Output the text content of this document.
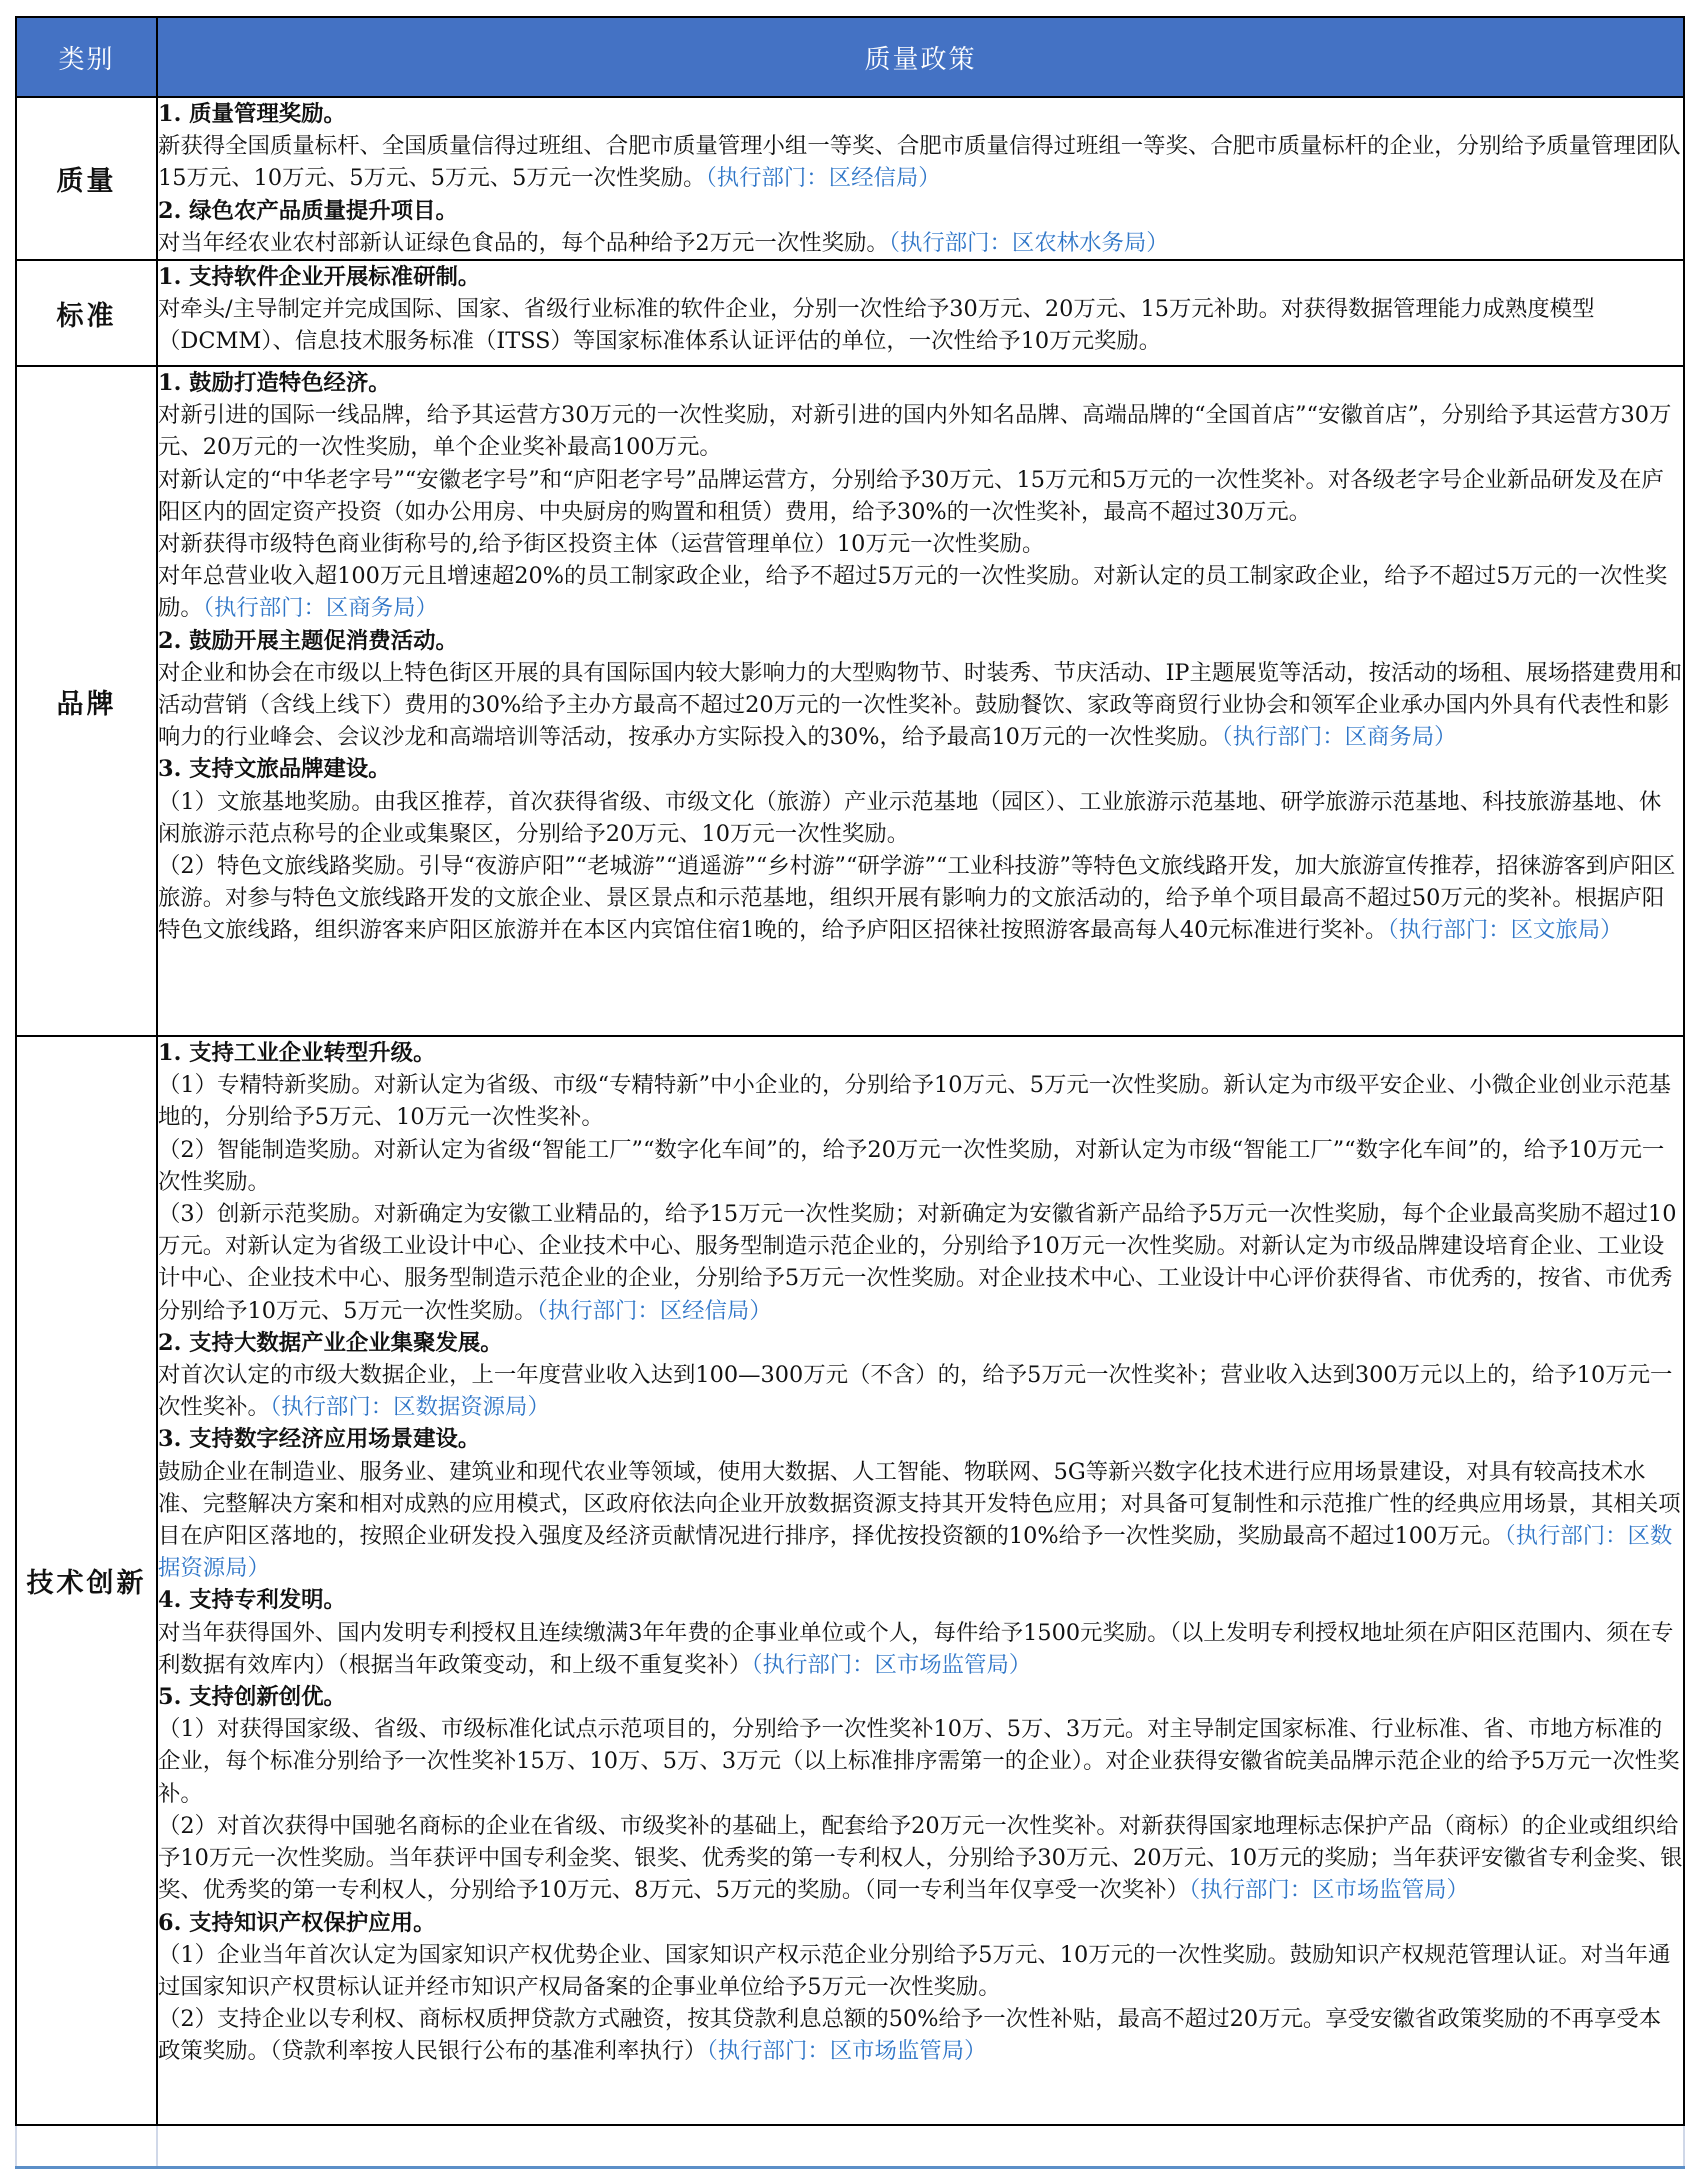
类别	质量政策
质量	1. 质量管理奖励。
新获得全国质量标杆、全国质量信得过班组、合肥市质量管理小组一等奖、合肥市质量信得过班组一等奖、合肥市质量标杆的企业，分别给予质量管理团队15万元、10万元、5万元、5万元、5万元一次性奖励。（执行部门：区经信局）
2. 绿色农产品质量提升项目。
对当年经农业农村部新认证绿色食品的，每个品种给予2万元一次性奖励。（执行部门：区农林水务局）

标准	1. 支持软件企业开展标准研制。
对牵头/主导制定并完成国际、国家、省级行业标准的软件企业，分别一次性给予30万元、20万元、15万元补助。对获得数据管理能力成熟度模型（DCMM）、信息技术服务标准（ITSS）等国家标准体系认证评估的单位，一次性给予10万元奖励。

品牌	
1. 鼓励打造特色经济。
对新引进的国际一线品牌，给予其运营方30万元的一次性奖励，对新引进的国内外知名品牌、高端品牌的“全国首店”“安徽首店”，分别给予其运营方30万元、20万元的一次性奖励，单个企业奖补最高100万元。
对新认定的“中华老字号”“安徽老字号”和“庐阳老字号”品牌运营方，分别给予30万元、15万元和5万元的一次性奖补。对各级老字号企业新品研发及在庐阳区内的固定资产投资（如办公用房、中央厨房的购置和租赁）费用，给予30%的一次性奖补，最高不超过30万元。
对新获得市级特色商业街称号的,给予街区投资主体（运营管理单位）10万元一次性奖励。
对年总营业收入超100万元且增速超20%的员工制家政企业，给予不超过5万元的一次性奖励。对新认定的员工制家政企业，给予不超过5万元的一次性奖励。（执行部门：区商务局）
2. 鼓励开展主题促消费活动。
对企业和协会在市级以上特色街区开展的具有国际国内较大影响力的大型购物节、时装秀、节庆活动、IP主题展览等活动，按活动的场租、展场搭建费用和活动营销（含线上线下）费用的30%给予主办方最高不超过20万元的一次性奖补。鼓励餐饮、家政等商贸行业协会和领军企业承办国内外具有代表性和影响力的行业峰会、会议沙龙和高端培训等活动，按承办方实际投入的30%，给予最高10万元的一次性奖励。（执行部门：区商务局）
3. 支持文旅品牌建设。
（1）文旅基地奖励。由我区推荐，首次获得省级、市级文化（旅游）产业示范基地（园区）、工业旅游示范基地、研学旅游示范基地、科技旅游基地、休闲旅游示范点称号的企业或集聚区，分别给予20万元、10万元一次性奖励。
（2）特色文旅线路奖励。引导“夜游庐阳”“老城游”“逍遥游”“乡村游”“研学游”“工业科技游”等特色文旅线路开发，加大旅游宣传推荐，招徕游客到庐阳区旅游。对参与特色文旅线路开发的文旅企业、景区景点和示范基地，组织开展有影响力的文旅活动的，给予单个项目最高不超过50万元的奖补。根据庐阳特色文旅线路，组织游客来庐阳区旅游并在本区内宾馆住宿1晚的，给予庐阳区招徕社按照游客最高每人40元标准进行奖补。（执行部门：区文旅局）

技术创新	
1. 支持工业企业转型升级。
（1）专精特新奖励。对新认定为省级、市级“专精特新”中小企业的，分别给予10万元、5万元一次性奖励。新认定为市级平安企业、小微企业创业示范基地的，分别给予5万元、10万元一次性奖补。
（2）智能制造奖励。对新认定为省级“智能工厂”“数字化车间”的，给予20万元一次性奖励，对新认定为市级“智能工厂”“数字化车间”的，给予10万元一次性奖励。
（3）创新示范奖励。对新确定为安徽工业精品的，给予15万元一次性奖励；对新确定为安徽省新产品给予5万元一次性奖励，每个企业最高奖励不超过10万元。对新认定为省级工业设计中心、企业技术中心、服务型制造示范企业的，分别给予10万元一次性奖励。对新认定为市级品牌建设培育企业、工业设计中心、企业技术中心、服务型制造示范企业的企业，分别给予5万元一次性奖励。对企业技术中心、工业设计中心评价获得省、市优秀的，按省、市优秀分别给予10万元、5万元一次性奖励。（执行部门：区经信局）
2. 支持大数据产业企业集聚发展。
对首次认定的市级大数据企业，上一年度营业收入达到100—300万元（不含）的，给予5万元一次性奖补；营业收入达到300万元以上的，给予10万元一次性奖补。（执行部门：区数据资源局）
3. 支持数字经济应用场景建设。
鼓励企业在制造业、服务业、建筑业和现代农业等领域，使用大数据、人工智能、物联网、5G等新兴数字化技术进行应用场景建设，对具有较高技术水准、完整解决方案和相对成熟的应用模式，区政府依法向企业开放数据资源支持其开发特色应用；对具备可复制性和示范推广性的经典应用场景，其相关项目在庐阳区落地的，按照企业研发投入强度及经济贡献情况进行排序，择优按投资额的10%给予一次性奖励，奖励最高不超过100万元。（执行部门：区数据资源局）
4. 支持专利发明。
对当年获得国外、国内发明专利授权且连续缴满3年年费的企事业单位或个人，每件给予1500元奖励。（以上发明专利授权地址须在庐阳区范围内、须在专利数据有效库内）（根据当年政策变动，和上级不重复奖补）（执行部门：区市场监管局）
5. 支持创新创优。
（1）对获得国家级、省级、市级标准化试点示范项目的，分别给予一次性奖补10万、5万、3万元。对主导制定国家标准、行业标准、省、市地方标准的企业，每个标准分别给予一次性奖补15万、10万、5万、3万元（以上标准排序需第一的企业）。对企业获得安徽省皖美品牌示范企业的给予5万元一次性奖补。
（2）对首次获得中国驰名商标的企业在省级、市级奖补的基础上，配套给予20万元一次性奖补。对新获得国家地理标志保护产品（商标）的企业或组织给予10万元一次性奖励。当年获评中国专利金奖、银奖、优秀奖的第一专利权人，分别给予30万元、20万元、10万元的奖励；当年获评安徽省专利金奖、银奖、优秀奖的第一专利权人，分别给予10万元、8万元、5万元的奖励。（同一专利当年仅享受一次奖补）（执行部门：区市场监管局）
6. 支持知识产权保护应用。
（1）企业当年首次认定为国家知识产权优势企业、国家知识产权示范企业分别给予5万元、10万元的一次性奖励。鼓励知识产权规范管理认证。对当年通过国家知识产权贯标认证并经市知识产权局备案的企事业单位给予5万元一次性奖励。
（2）支持企业以专利权、商标权质押贷款方式融资，按其贷款利息总额的50%给予一次性补贴，最高不超过20万元。享受安徽省政策奖励的不再享受本政策奖励。（贷款利率按人民银行公布的基准利率执行）（执行部门：区市场监管局）
